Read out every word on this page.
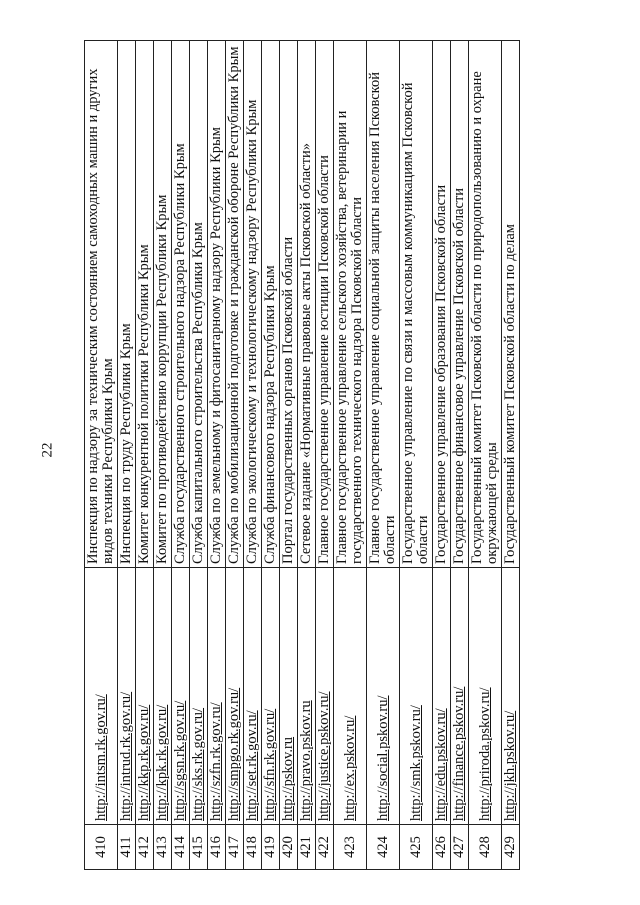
22
410	http://intsm.rk.gov.ru/	Инспекция по надзору за техническим состоянием самоходных машин и других видов техники Республики Крым
411	http://intrud.rk.gov.ru/	Инспекция по труду Республики Крым
412	http://kkp.rk.gov.ru/	Комитет конкурентной политики Республики Крым
413	http://kpk.rk.gov.ru/	Комитет по противодействию коррупции Республики Крым
414	http://sgsn.rk.gov.ru/	Служба государственного строительного надзора Республики Крым
415	http://sks.rk.gov.ru/	Служба капитального строительства Республики Крым
416	http://szfn.rk.gov.ru/	Служба по земельному и фитосанитарному надзору Республики Крым
417	http://smpgo.rk.gov.ru/	Служба по мобилизационной подготовке и гражданской обороне Республики Крым
418	http://set.rk.gov.ru/	Служба по экологическому и технологическому надзору Республики Крым
419	http://sfn.rk.gov.ru/	Служба финансового надзора Республики Крым
420	http://pskov.ru	Портал государственных органов Псковской области
421	http://pravo.pskov.ru	Сетевое издание «Нормативные правовые акты Псковской области»
422	http://justice.pskov.ru/	Главное государственное управление юстиции Псковской области
423	http://ex.pskov.ru/	Главное государственное управление сельского хозяйства, ветеринарии и государственного технического надзора Псковской области
424	http://social.pskov.ru/	Главное государственное управление социальной защиты населения Псковской области
425	http://smk.pskov.ru/	Государственное управление по связи и массовым коммуникациям Псковской области
426	http://edu.pskov.ru/	Государственное управление образования Псковской области
427	http://finance.pskov.ru/	Государственное финансовое управление Псковской области
428	http://priroda.pskov.ru/	Государственный комитет Псковской области по природопользованию и охране окружающей среды
429	http://jkh.pskov.ru/	Государственный комитет Псковской области по делам
